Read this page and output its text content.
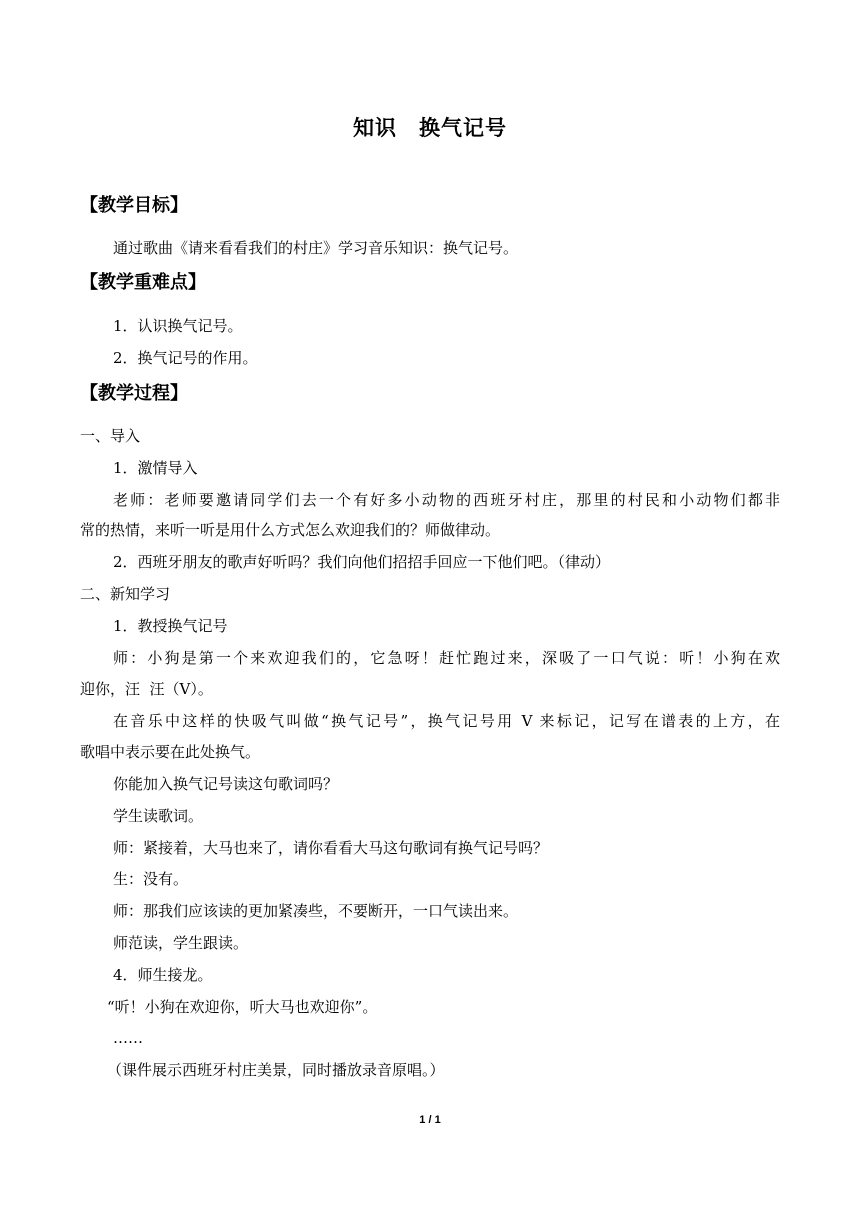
知识 换气记号
【教学目标】

通过歌曲《请来看看我们的村庄》学习音乐知识：换气记号。

【教学重难点】

1．认识换气记号。

2．换气记号的作用。

【教学过程】

一、导入

1．激情导入

老师：老师要邀请同学们去一个有好多小动物的西班牙村庄，那里的村民和小动物们都非

常的热情，来听一听是用什么方式怎么欢迎我们的？师做律动。

2．西班牙朋友的歌声好听吗？我们向他们招招手回应一下他们吧。（律动）

二、新知学习

1．教授换气记号

师：小狗是第一个来欢迎我们的，它急呀！赶忙跑过来，深吸了一口气说：听！小狗在欢

迎你，汪  汪（V）。

在音乐中这样的快吸气叫做“换气记号”，换气记号用 V 来标记，记写在谱表的上方，在

歌唱中表示要在此处换气。

你能加入换气记号读这句歌词吗？

学生读歌词。

师：紧接着，大马也来了，请你看看大马这句歌词有换气记号吗？

生：没有。

师：那我们应该读的更加紧凑些，不要断开，一口气读出来。

师范读，学生跟读。

4．师生接龙。

“听！小狗在欢迎你，听大马也欢迎你”。

……

（课件展示西班牙村庄美景，同时播放录音原唱。）

1 / 1
